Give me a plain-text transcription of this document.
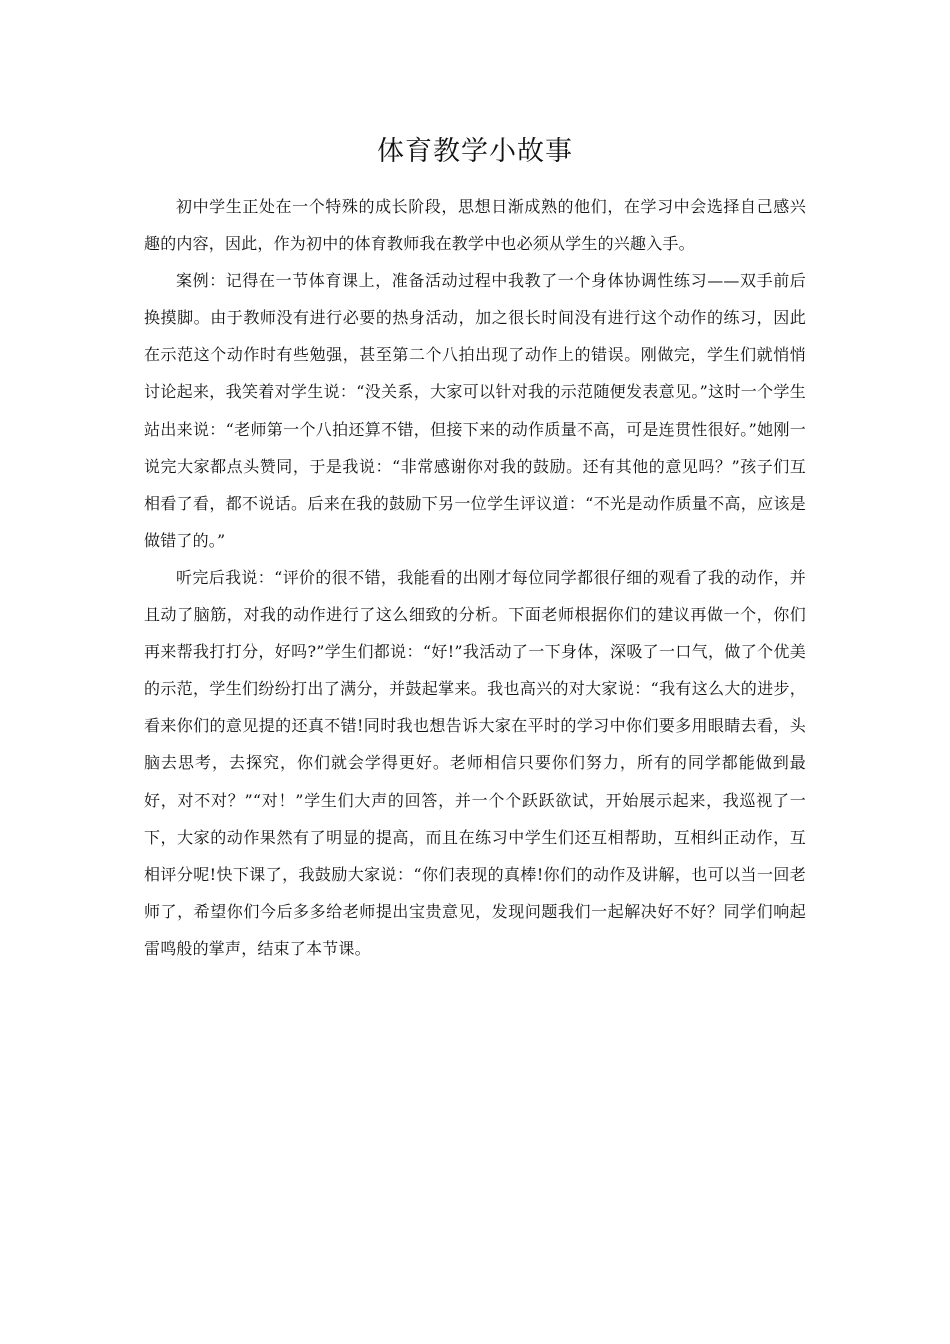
体育教学小故事

初中学生正处在一个特殊的成长阶段，思想日渐成熟的他们，在学习中会选择自己感兴趣的内容，因此，作为初中的体育教师我在教学中也必须从学生的兴趣入手。

案例：记得在一节体育课上，准备活动过程中我教了一个身体协调性练习——双手前后换摸脚。由于教师没有进行必要的热身活动，加之很长时间没有进行这个动作的练习，因此在示范这个动作时有些勉强，甚至第二个八拍出现了动作上的错误。刚做完，学生们就悄悄讨论起来，我笑着对学生说：“没关系，大家可以针对我的示范随便发表意见。”这时一个学生站出来说：“老师第一个八拍还算不错，但接下来的动作质量不高，可是连贯性很好。”她刚一说完大家都点头赞同，于是我说：“非常感谢你对我的鼓励。还有其他的意见吗？”孩子们互相看了看，都不说话。后来在我的鼓励下另一位学生评议道：“不光是动作质量不高，应该是做错了的。”

听完后我说：“评价的很不错，我能看的出刚才每位同学都很仔细的观看了我的动作，并且动了脑筋，对我的动作进行了这么细致的分析。下面老师根据你们的建议再做一个，你们再来帮我打打分，好吗?”学生们都说：“好!”我活动了一下身体，深吸了一口气，做了个优美的示范，学生们纷纷打出了满分，并鼓起掌来。我也高兴的对大家说：“我有这么大的进步，看来你们的意见提的还真不错!同时我也想告诉大家在平时的学习中你们要多用眼睛去看，头脑去思考，去探究，你们就会学得更好。老师相信只要你们努力，所有的同学都能做到最好，对不对？”“对！”学生们大声的回答，并一个个跃跃欲试，开始展示起来，我巡视了一下，大家的动作果然有了明显的提高，而且在练习中学生们还互相帮助，互相纠正动作，互相评分呢!快下课了，我鼓励大家说：“你们表现的真棒!你们的动作及讲解，也可以当一回老师了，希望你们今后多多给老师提出宝贵意见，发现问题我们一起解决好不好？同学们响起雷鸣般的掌声，结束了本节课。
